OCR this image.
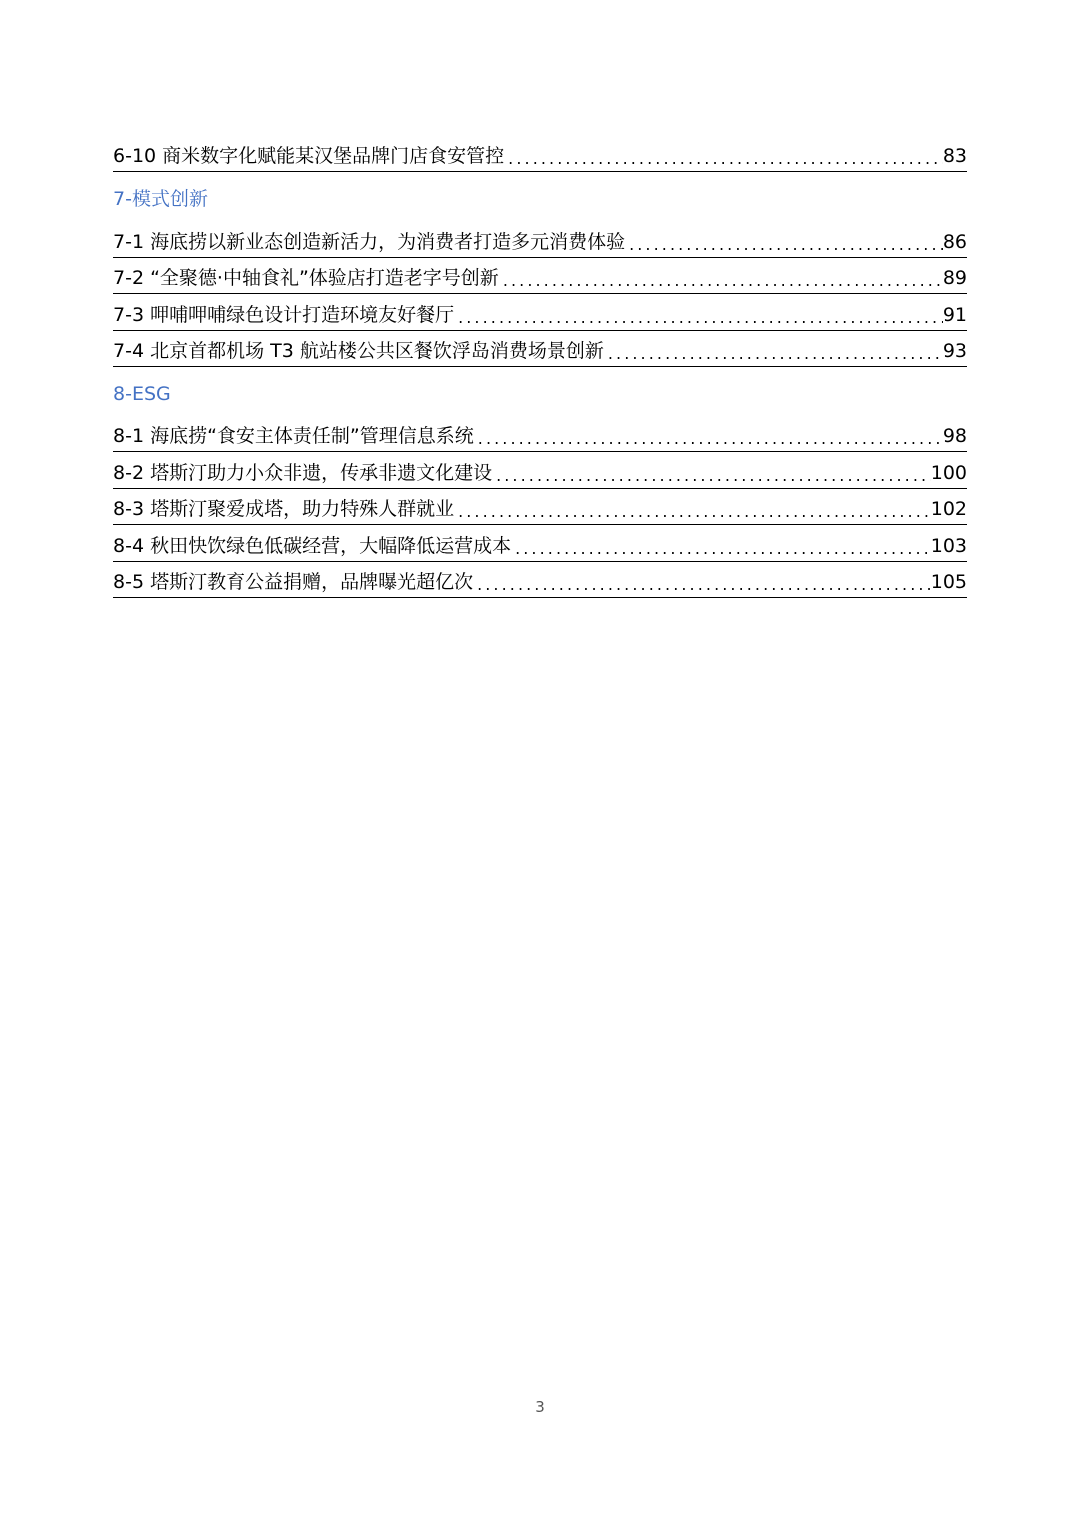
6-10 商米数字化赋能某汉堡品牌门店食安管控 . . .	83
7-模式创新
7-1 海底捞以新业态创造新活力，为消费者打造多元消费体验 . . .	86
7-2 “全聚德·中轴食礼”体验店打造老字号创新 . . .	89
7-3 呷哺呷哺绿色设计打造环境友好餐厅 . . .	91
7-4 北京首都机场 T3 航站楼公共区餐饮浮岛消费场景创新 . . .	93
8-ESG
8-1 海底捞“食安主体责任制”管理信息系统 . . .	98
8-2 塔斯汀助力小众非遗，传承非遗文化建设 . . .	100
8-3 塔斯汀聚爱成塔，助力特殊人群就业 . . .	102
8-4 秋田快饮绿色低碳经营，大幅降低运营成本 . . .	103
8-5 塔斯汀教育公益捐赠，品牌曝光超亿次 . . .	105
3
